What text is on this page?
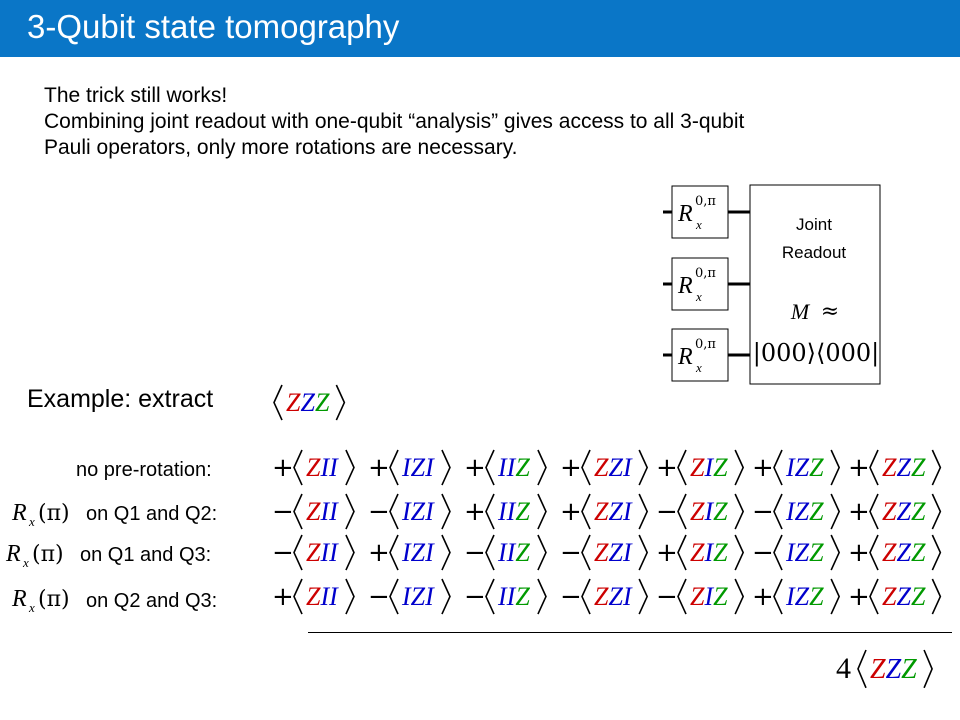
3-Qubit state tomography
The trick still works!
Combining joint readout with one-qubit “analysis” gives access to all 3-qubit
Pauli operators, only more rotations are necessary.
Joint
Readout
M ≈
|000⟩⟨000|
R x
0,π
R x
0,π
R x
0,π
Example: extract	ZZZ
no pre-rotation:
on Q1 and Q2:
on Q1 and Q3:
on Q2 and Q3:
R x (π)
R x (π)
R x (π)
+ ZII + IZI + IIZ + ZZI + ZIZ + IZZ + ZZZ
− ZII − IZI + IIZ + ZZI − ZIZ − IZZ + ZZZ
− ZII + IZI − IIZ − ZZI + ZIZ − IZZ + ZZZ
+ ZII − IZI − IIZ − ZZI − ZIZ + IZZ + ZZZ
4 ZZZ
